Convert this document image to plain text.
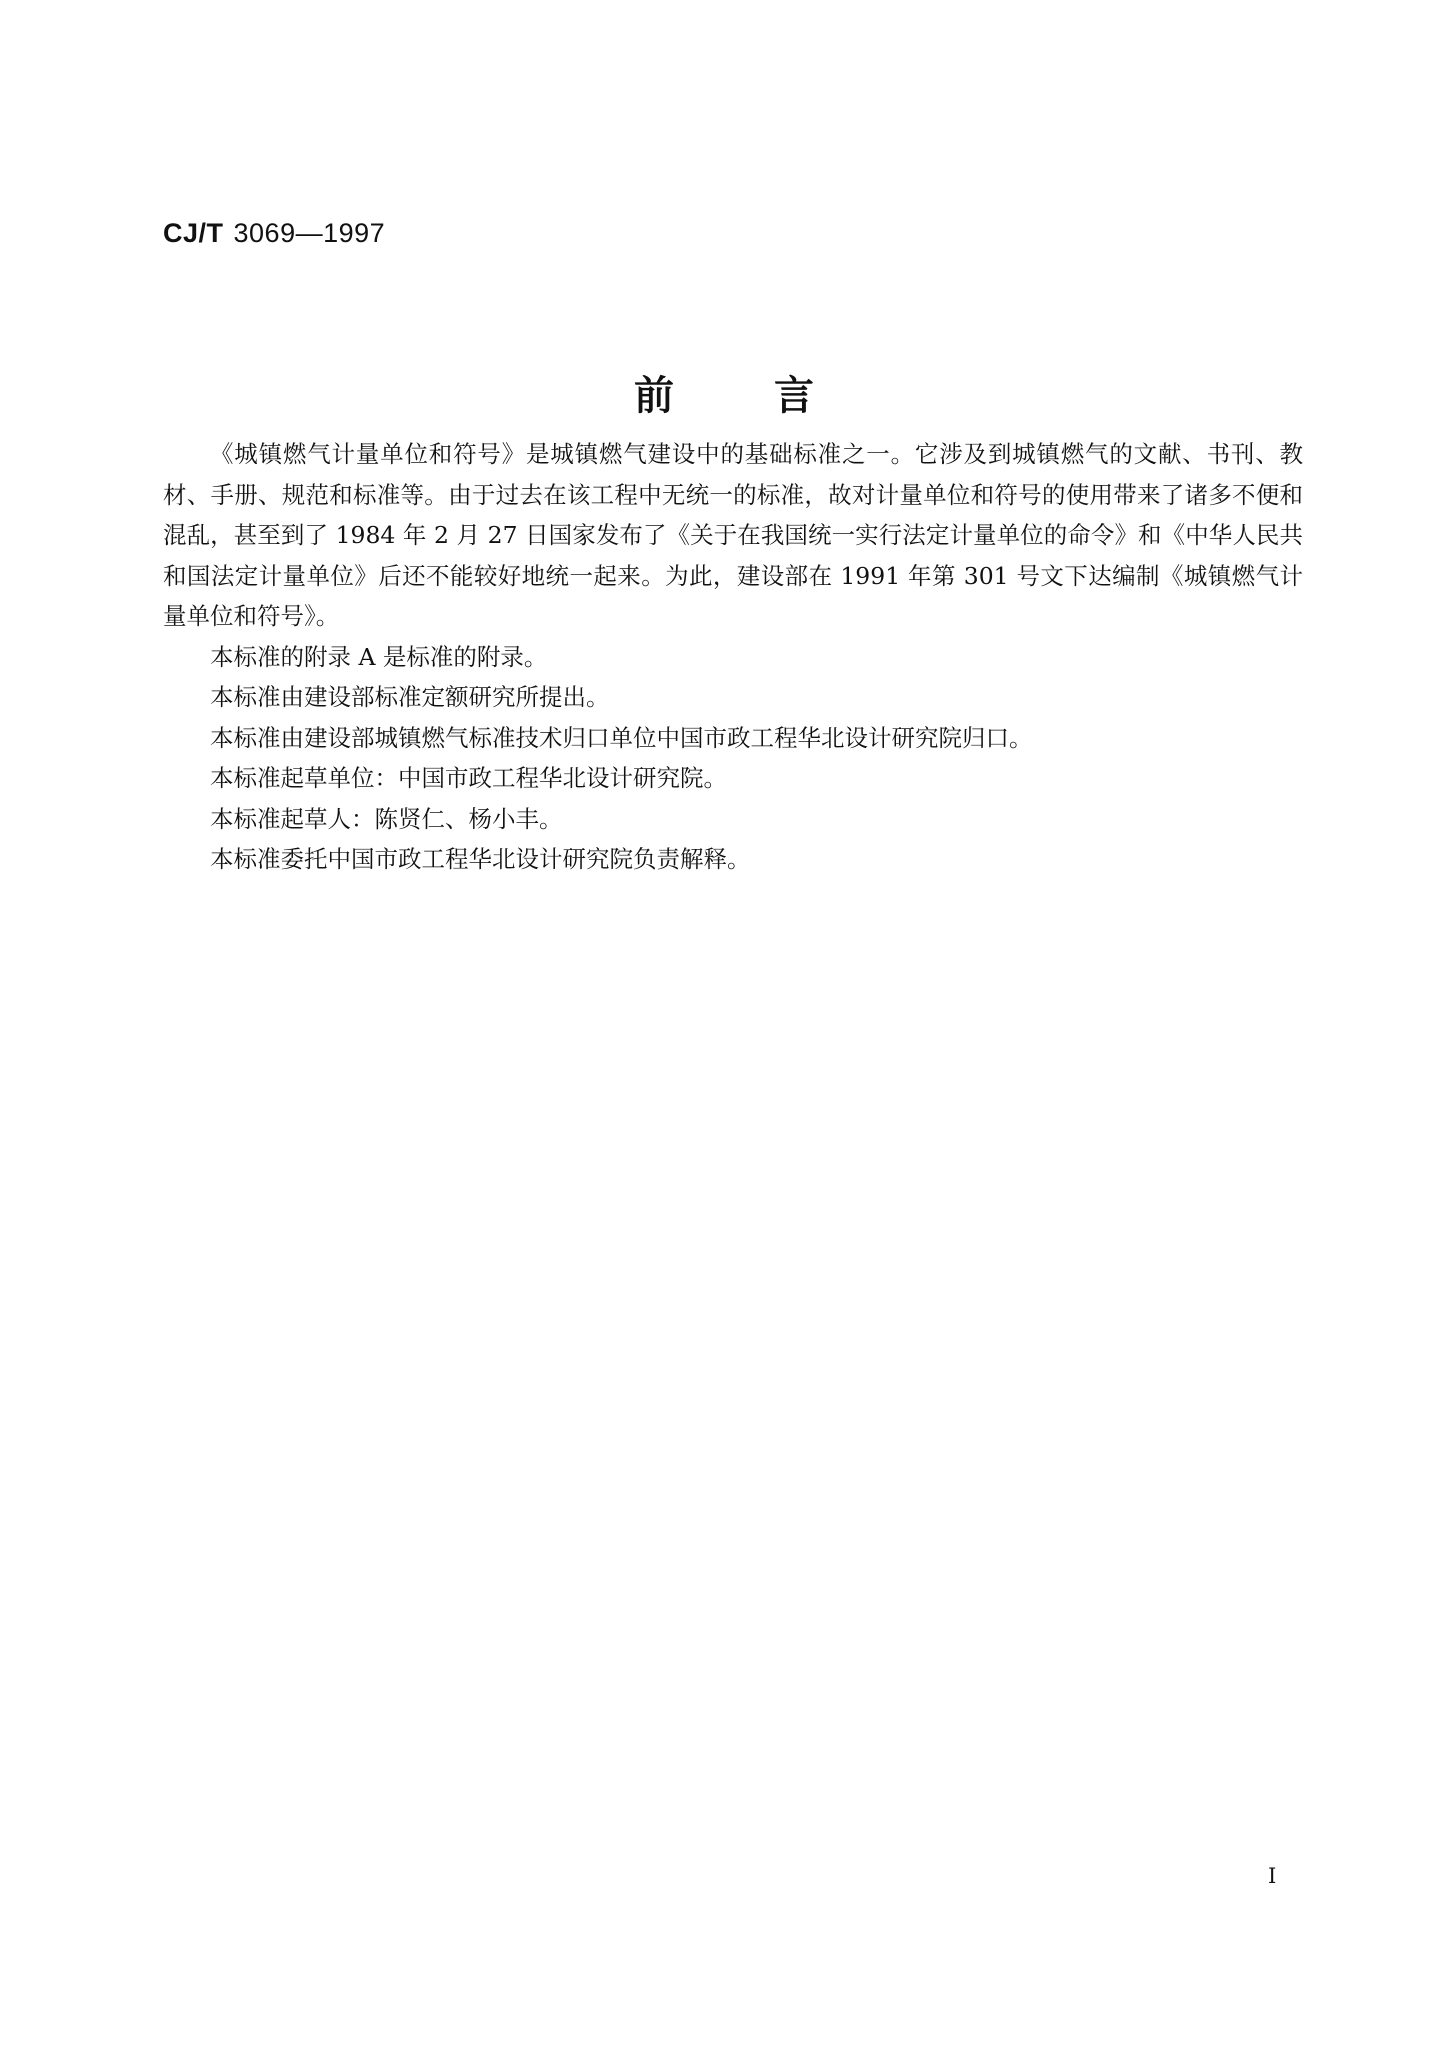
CJ/T 3069—1997
前言

《城镇燃气计量单位和符号》是城镇燃气建设中的基础标准之一。它涉及到城镇燃气的文献、书刊、教材、手册、规范和标准等。由于过去在该工程中无统一的标准，故对计量单位和符号的使用带来了诸多不便和混乱，甚至到了 1984 年 2 月 27 日国家发布了《关于在我国统一实行法定计量单位的命令》和《中华人民共和国法定计量单位》后还不能较好地统一起来。为此，建设部在 1991 年第 301 号文下达编制《城镇燃气计量单位和符号》。

本标准的附录 A 是标准的附录。

本标准由建设部标准定额研究所提出。

本标准由建设部城镇燃气标准技术归口单位中国市政工程华北设计研究院归口。

本标准起草单位：中国市政工程华北设计研究院。

本标准起草人：陈贤仁、杨小丰。

本标准委托中国市政工程华北设计研究院负责解释。

I
